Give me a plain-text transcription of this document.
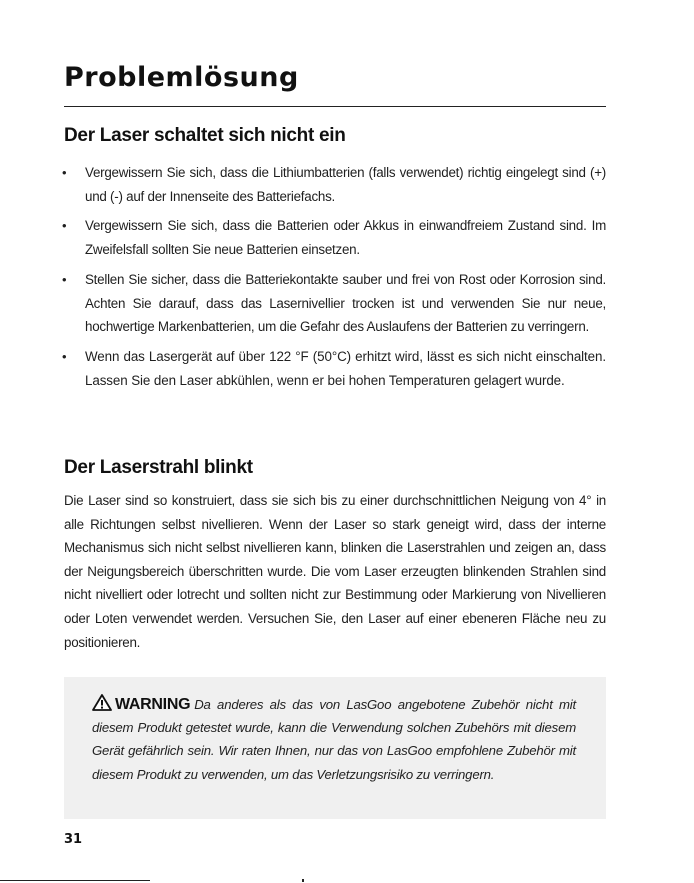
Problemlösung
Der Laser schaltet sich nicht ein
• Vergewissern Sie sich, dass die Lithiumbatterien (falls verwendet) richtig eingelegt sind (+) und (-) auf der Innenseite des Batteriefachs.
• Vergewissern Sie sich, dass die Batterien oder Akkus in einwandfreiem Zustand sind. Im Zweifelsfall sollten Sie neue Batterien einsetzen.
• Stellen Sie sicher, dass die Batteriekontakte sauber und frei von Rost oder Korrosion sind. Achten Sie darauf, dass das Lasernivellier trocken ist und verwenden Sie nur neue, hochwertige Markenbatterien, um die Gefahr des Auslaufens der Batterien zu verringern.
• Wenn das Lasergerät auf über 122 °F (50°C) erhitzt wird, lässt es sich nicht einschalten. Lassen Sie den Laser abkühlen, wenn er bei hohen Temperaturen gelagert wurde.
Der Laserstrahl blinkt

Die Laser sind so konstruiert, dass sie sich bis zu einer durchschnittlichen Neigung von 4° in alle Richtungen selbst nivellieren. Wenn der Laser so stark geneigt wird, dass der interne Mechanismus sich nicht selbst nivellieren kann, blinken die Laserstrahlen und zeigen an, dass der Neigungsbereich überschritten wurde. Die vom Laser erzeugten blinkenden Strahlen sind nicht nivelliert oder lotrecht und sollten nicht zur Bestimmung oder Markierung von Nivellieren oder Loten verwendet werden. Versuchen Sie, den Laser auf einer ebeneren Fläche neu zu positionieren.

WARNING Da anderes als das von LasGoo angebotene Zubehör nicht mit diesem Produkt getestet wurde, kann die Verwendung solchen Zubehörs mit diesem Gerät gefährlich sein. Wir raten Ihnen, nur das von LasGoo empfohlene Zubehör mit diesem Produkt zu verwenden, um das Verletzungsrisiko zu verringern.

31
